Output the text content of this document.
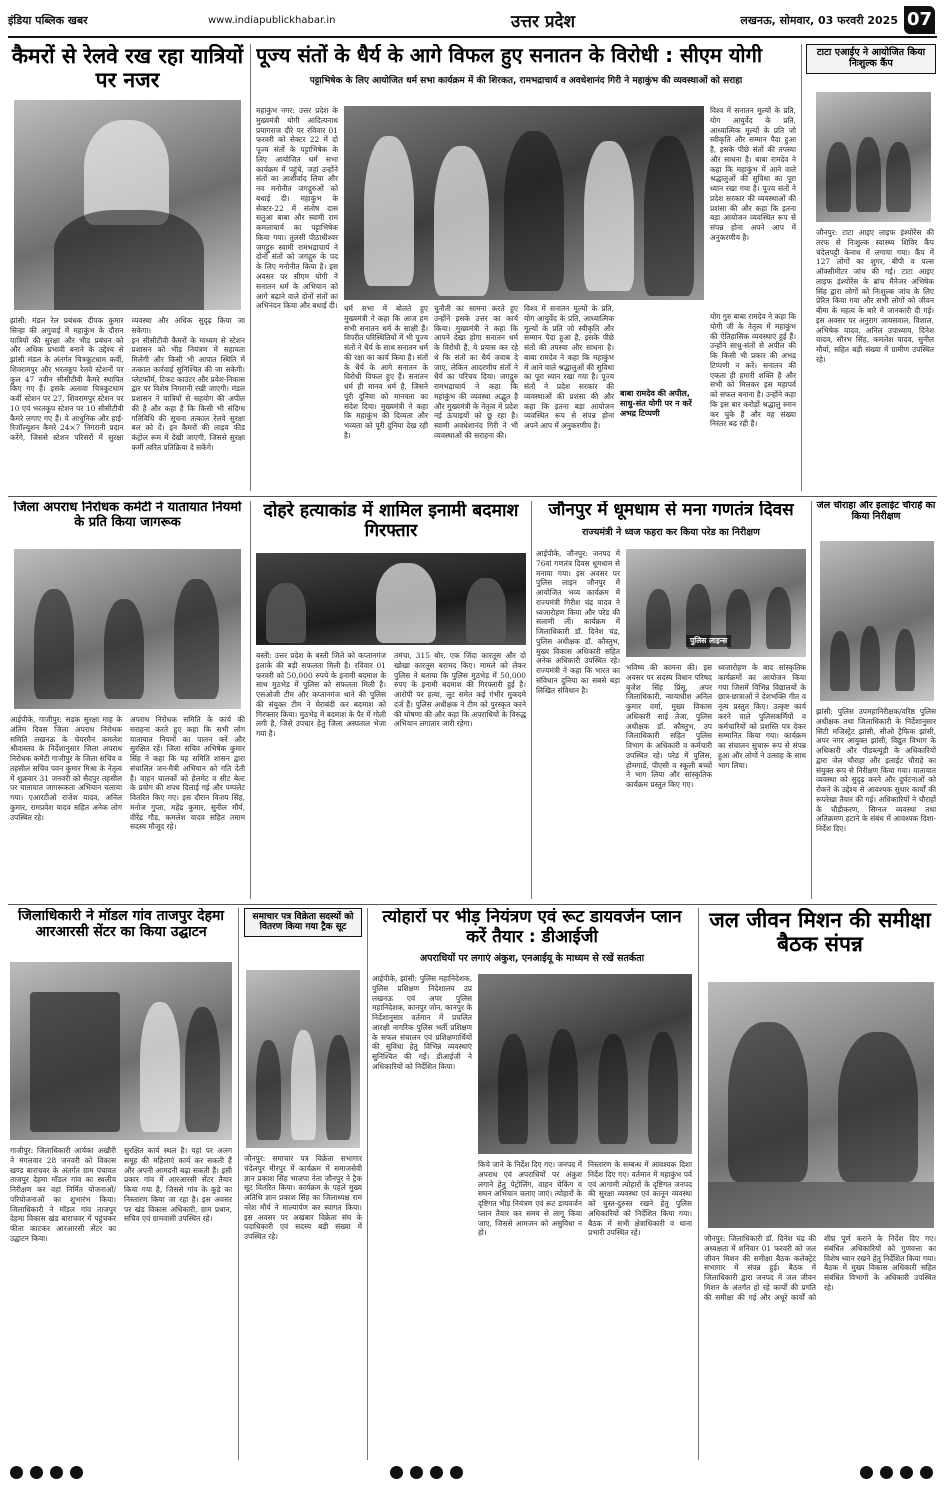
इंडिया पब्लिक खबर	www.indiapublickhabar.in	उत्तर प्रदेश	लखनऊ, सोमवार, 03 फरवरी 2025 07
कैमरों से रेलवे रख रहा यात्रियों पर नजर

झांसी: मंडल रेल प्रबंधक दीपक कुमार सिन्हा की अगुवाई में महाकुंभ के दौरान यात्रियों की सुरक्षा और भीड़ प्रबंधन को और अधिक प्रभावी बनाने के उद्देश्य से झांसी मंडल के अंतर्गत चित्रकूटधाम कर्वी, शिवरामपुर और भरतकूप रेलवे स्टेशनों पर कुल 47 नवीन सीसीटीवी कैमरे स्थापित किए गए हैं। इसके अलावा चित्रकूटधाम कर्वी स्टेशन पर 27, शिवरामपुर स्टेशन पर 10 एवं भरतकूप स्टेशन पर 10 सीसीटीवी कैमरे लगाए गए हैं। ये आधुनिक और हाई-रिजॉल्यूशन कैमरे 24×7 निगरानी प्रदान करेंगे, जिससे स्टेशन परिसरों में सुरक्षा व्यवस्था और अधिक सुदृढ़ किया जा सकेगा।

इन सीसीटीवी कैमरों के माध्यम से स्टेशन प्रशासन को भीड़ नियंत्रण में सहायता मिलेगी और किसी भी आपात स्थिति में तत्काल कार्रवाई सुनिश्चित की जा सकेगी। प्लेटफॉर्म, टिकट काउंटर और प्रवेश-निकास द्वार पर विशेष निगरानी रखी जाएगी। मंडल प्रशासन ने यात्रियों से सहयोग की अपील की है और कहा है कि किसी भी संदिग्ध गतिविधि की सूचना तत्काल रेलवे सुरक्षा बल को दें। इन कैमरों की लाइव फीड कंट्रोल रूम में देखी जाएगी, जिससे सुरक्षा कर्मी त्वरित प्रतिक्रिया दे सकेंगे।

पूज्य संतों के धैर्य के आगे विफल हुए सनातन के विरोधी : सीएम योगी
पट्टाभिषेक के लिए आयोजित धर्म सभा कार्यक्रम में की शिरकत, रामभद्राचार्य व अवधेशानंद गिरी ने महाकुंभ की व्यवस्थाओं को सराहा
महाकुंभ नगर: उत्तर प्रदेश के मुख्यमंत्री योगी आदित्यनाथ प्रयागराज दौरे पर रविवार 01 फरवरी को सेक्टर 22 में दो पूज्य संतों के पट्टाभिषेक के लिए आयोजित धर्म सभा कार्यक्रम में पहुंचे, जहां उन्होंने संतों का आशीर्वाद लिया और नव मनोनीत जगद्गुरुओं को बधाई दी। महाकुंभ के सेक्टर-22 में संतोष दास सतुआ बाबा और स्वामी राम कमलाचार्य का पट्टाभिषेक किया गया। तुलसी पीठाधीश्वर जगद्गुरु स्वामी रामभद्राचार्य ने दोनों संतों को जगद्गुरु के पद के लिए मनोनीत किया है। इस अवसर पर सीएम योगी ने सनातन धर्म के अभियान को आगे बढ़ाने वाले दोनों संतों का अभिनंदन किया और बधाई दी। धर्म सभा में बोलते हुए मुख्यमंत्री ने कहा कि आज हम सभी सनातन धर्म के साक्षी हैं। विपरीत परिस्थितियों में भी पूज्य संतों ने धैर्य के साथ सनातन धर्म की रक्षा का कार्य किया है। संतों के धैर्य के आगे सनातन के विरोधी विफल हुए हैं। सनातन धर्म ही मानव धर्म है, जिसने पूरी दुनिया को मानवता का संदेश दिया। मुख्यमंत्री ने कहा कि महाकुंभ की दिव्यता और भव्यता को पूरी दुनिया देख रही है।
चुनौती का सामना करते हुए उन्होंने इसके उत्तर का कार्य किया। मुख्यमंत्री ने कहा कि आपने देखा होगा सनातन धर्म के विरोधी हैं, ये प्रयास कर रहे थे कि संतों का धैर्य जवाब दे जाए, लेकिन आदरणीय संतों ने धैर्य का परिचय दिया। जगद्गुरु रामभद्राचार्य ने कहा कि महाकुंभ की व्यवस्था अद्भुत है और मुख्यमंत्री के नेतृत्व में प्रदेश नई ऊंचाइयों को छू रहा है। स्वामी अवधेशानंद गिरी ने भी व्यवस्थाओं की सराहना की।
विश्व में सनातन मूल्यों के प्रति, योग आयुर्वेद के प्रति, आध्यात्मिक मूल्यों के प्रति जो स्वीकृति और सम्मान पैदा हुआ है, इसके पीछे संतों की तपस्या और साधना है। बाबा रामदेव ने कहा कि महाकुंभ में आने वाले श्रद्धालुओं की सुविधा का पूरा ध्यान रखा गया है। पूज्य संतों ने प्रदेश सरकार की व्यवस्थाओं की प्रशंसा की और कहा कि इतना बड़ा आयोजन व्यवस्थित रूप से संपन्न होना अपने आप में अनुकरणीय है।
विश्व में सनातन मूल्यों के प्रति, योग आयुर्वेद के प्रति, आध्यात्मिक मूल्यों के प्रति जो स्वीकृति और सम्मान पैदा हुआ है, इसके पीछे संतों की तपस्या और साधना है। बाबा रामदेव ने कहा कि महाकुंभ में आने वाले श्रद्धालुओं की सुविधा का पूरा ध्यान रखा गया है। पूज्य संतों ने प्रदेश सरकार की व्यवस्थाओं की प्रशंसा की और कहा कि इतना बड़ा आयोजन व्यवस्थित रूप से संपन्न होना अपने आप में अनुकरणीय है।
बाबा रामदेव की अपील, साधु-संत योगी पर न करें अभद्र टिप्पणी
योग गुरु बाबा रामदेव ने कहा कि योगी जी के नेतृत्व में महाकुंभ की ऐतिहासिक व्यवस्थाएं हुई हैं। उन्होंने साधु-संतों से अपील की कि किसी भी प्रकार की अभद्र टिप्पणी न करें। सनातन की एकता ही हमारी शक्ति है और सभी को मिलकर इस महापर्व को सफल बनाना है। उन्होंने कहा कि इस बार करोड़ों श्रद्धालु स्नान कर चुके हैं और यह संख्या निरंतर बढ़ रही है।
टाटा एआईए ने आयोजित किया निःशुल्क कैंप
जौनपुर: टाटा आइए लाइफ इंश्योरेंस की तरफ से निःशुल्क स्वास्थ्य शिविर कैंप चंदेलपट्टी केनाथ में लगाया गया। कैंप में 127 लोगों का शुगर, बीपी व पल्स ऑक्सीमीटर जांच की गई। टाटा आइए लाइफ इंश्योरेंस के ब्रांच मैनेजर अभिषेक सिंह द्वारा लोगों को निःशुल्क जांच के लिए प्रेरित किया गया और सभी लोगों को जीवन बीमा के महत्व के बारे में जानकारी दी गई। इस अवसर पर अनुराग जायसवाल, विशाल, अभिषेक यादव, अनिल उपाध्याय, दिनेश यादव, सौरभ सिंह, कमलेश यादव, सुनील मौर्या, सहित बड़ी संख्या में ग्रामीण उपस्थित रहे।
जिला अपराध निरोधक कमेटी ने यातायात नियमों के प्रति किया जागरूक
आईपीके, गाजीपुर: सड़क सुरक्षा माह के अंतिम दिवस जिला अपराध निरोधक समिति लखनऊ के चेयरमैन कमलेश श्रीवास्तव के निर्देशानुसार जिला अपराध निरोधक कमेटी गाजीपुर के जिला सचिव व तहसील सचिव पवन कुमार मिश्रा के नेतृत्व में शुक्रवार 31 जनवरी को सैदपुर तहसील पर यातायात जागरूकता अभियान चलाया गया। एआरटीओ राजेश यादव, अनिल कुमार, रामप्रवेश यादव सहित अनेक लोग उपस्थित रहे।
अपराध निरोधक समिति के कार्य की सराहना करते हुए कहा कि सभी लोग यातायात नियमों का पालन करें और सुरक्षित रहें। जिला सचिव अभिषेक कुमार सिंह ने कहा कि यह समिति शासन द्वारा संचालित जन-मैत्री अभियान को गति देती है। वाहन चालकों को हेलमेट व सीट बेल्ट के प्रयोग की शपथ दिलाई गई और पम्पलेट वितरित किए गए। इस दौरान विजय सिंह, मनोज गुप्ता, महेंद्र कुमार, सुनील मौर्य, वीरेंद्र गौड़, कमलेश यादव सहित तमाम सदस्य मौजूद रहे।
दोहरे हत्याकांड में शामिल इनामी बदमाश गिरफ्तार
बस्ती: उत्तर प्रदेश के बस्ती जिले को कप्तानगंज इलाके की बड़ी सफलता मिली है। रविवार 01 फरवरी को 50,000 रुपये के इनामी बदमाश के साथ मुठभेड़ में पुलिस को सफलता मिली है। एसओजी टीम और कप्तानगंज थाने की पुलिस की संयुक्त टीम ने घेराबंदी कर बदमाश को गिरफ्तार किया। मुठभेड़ में बदमाश के पैर में गोली लगी है, जिसे उपचार हेतु जिला अस्पताल भेजा गया है।
तमंचा, 315 बोर, एक जिंदा कारतूस और दो खोखा कारतूस बरामद किए। मामले को लेकर पुलिस ने बताया कि पुलिस मुठभेड़ में 50,000 रुपए के इनामी बदमाश की गिरफ्तारी हुई है। आरोपी पर हत्या, लूट समेत कई गंभीर मुकदमे दर्ज हैं। पुलिस अधीक्षक ने टीम को पुरस्कृत करने की घोषणा की और कहा कि अपराधियों के विरुद्ध अभियान लगातार जारी रहेगा।
जौनपुर में धूमधाम से मना गणतंत्र दिवस
राज्यमंत्री ने ध्वज फहरा कर किया परेड का निरीक्षण
आईपीके, जौनपुर: जनपद में 76वां गणतंत्र दिवस धूमधाम से मनाया गया। इस अवसर पर पुलिस लाइन जौनपुर में आयोजित भव्य कार्यक्रम में राज्यमंत्री गिरीश चंद्र यादव ने ध्वजारोहण किया और परेड की सलामी ली। कार्यक्रम में जिलाधिकारी डॉ. दिनेश चंद्र, पुलिस अधीक्षक डॉ. कौस्तुभ, मुख्य विकास अधिकारी सहित अनेक अधिकारी उपस्थित रहे। राज्यमंत्री ने कहा कि भारत का संविधान दुनिया का सबसे बड़ा लिखित संविधान है।
पुलिस लाइन्स
भविष्य की कामना की। इस अवसर पर सदस्य विधान परिषद बृजेश सिंह प्रिंसू, अपर जिलाधिकारी, न्यायाधीश अनिल कुमार वर्मा, मुख्य विकास अधिकारी साई तेजा, पुलिस अधीक्षक डॉ. कौस्तुभ, उप जिलाधिकारी सहित पुलिस विभाग के अधिकारी व कर्मचारी उपस्थित रहे। परेड में पुलिस, होमगार्ड, पीएसी व स्कूली बच्चों ने भाग लिया और सांस्कृतिक कार्यक्रम प्रस्तुत किए गए।
ध्वजारोहण के बाद सांस्कृतिक कार्यक्रमों का आयोजन किया गया जिसमें विभिन्न विद्यालयों के छात्र-छात्राओं ने देशभक्ति गीत व नृत्य प्रस्तुत किए। उत्कृष्ट कार्य करने वाले पुलिसकर्मियों व कर्मचारियों को प्रशस्ति पत्र देकर सम्मानित किया गया। कार्यक्रम का संचालन सुचारू रूप से संपन्न हुआ और लोगों ने उत्साह के साथ भाग लिया।
जेल चौराहा और इलाईट चौराहे का किया निरीक्षण
झांसी: पुलिस उपमहानिरीक्षक/वरिष्ठ पुलिस अधीक्षक तथा जिलाधिकारी के निर्देशानुसार सिटी मजिस्ट्रेट झांसी, सीओ ट्रैफिक झांसी, अपर नगर आयुक्त झांसी, विद्युत विभाग के अधिकारी और पीडब्ल्यूडी के अधिकारियों द्वारा जेल चौराहा और इलाईट चौराहे का संयुक्त रूप से निरीक्षण किया गया। यातायात व्यवस्था को सुदृढ़ करने और दुर्घटनाओं को रोकने के उद्देश्य से आवश्यक सुधार कार्यों की रूपरेखा तैयार की गई। अधिकारियों ने चौराहों के चौड़ीकरण, सिग्नल व्यवस्था तथा अतिक्रमण हटाने के संबंध में आवश्यक दिशा-निर्देश दिए।
जिलाधिकारी ने मॉडल गांव ताजपुर देहमा आरआरसी सेंटर का किया उद्घाटन
गाजीपुर: जिलाधिकारी आर्यका अखौरी ने मंगलवार 28 जनवरी को विकास खण्ड बाराचवर के अंतर्गत ग्राम पंचायत ताजपुर देहमा मॉडल गांव का स्थलीय निरीक्षण कर वहां निर्मित योजनाओं/परियोजनाओं का शुभारंभ किया। जिलाधिकारी ने मॉडल गांव ताजपुर देहमा विकास खंड बाराचवर में पहुंचकर फीता काटकर आरआरसी सेंटर का उद्घाटन किया।
सुरक्षित कार्य स्थल है। यहां पर अलग समूह की महिलाएं कार्य कर सकती हैं और अपनी आमदनी बढ़ा सकती हैं। इसी प्रकार गांव में आरआरसी सेंटर तैयार किया गया है, जिससे गांव के कूड़े का निस्तारण किया जा रहा है। इस अवसर पर खंड विकास अधिकारी, ग्राम प्रधान, सचिव एवं ग्रामवासी उपस्थित रहे।
समाचार पत्र विक्रेता सदस्यों को वितरण किया गया ट्रैक सूट
जौनपुर: समाचार पत्र विक्रेता सभागार चंदेलपुर मीरपुर में कार्यक्रम में समाजसेवी ज्ञान प्रकाश सिंह भाजपा नेता जौनपुर ने ट्रैक सूट वितरित किया। कार्यक्रम के पहले मुख्य अतिथि ज्ञान प्रकाश सिंह का जिलाध्यक्ष राम नरेश मौर्य ने माल्यार्पण कर स्वागत किया। इस अवसर पर अखबार विक्रेता संघ के पदाधिकारी एवं सदस्य बड़ी संख्या में उपस्थित रहे।
त्योहारों पर भीड़ नियंत्रण एवं रूट डायवर्जन प्लान करें तैयार : डीआईजी
अपराधियों पर लगाएं अंकुश, एनआईयू के माध्यम से रखें सतर्कता
आईपीके, झांसी: पुलिस महानिदेशक, पुलिस प्रशिक्षण निदेशालय उप्र लखनऊ एवं अपर पुलिस महानिदेशक, कानपुर जोन, कानपुर के निर्देशानुसार वर्तमान में प्रचलित आरक्षी नागरिक पुलिस भर्ती प्रशिक्षण के सफल संचालन एवं प्रशिक्षणार्थियों की सुविधा हेतु विभिन्न व्यवस्थाएं सुनिश्चित की गईं। डीआईजी ने अधिकारियों को निर्देशित किया।
किये जाने के निर्देश दिए गए। जनपद में अपराध एवं अपराधियों पर अंकुश लगाने हेतु पेट्रोलिंग, वाहन चेकिंग व सघन अभियान चलाए जाएं। त्योहारों के दृष्टिगत भीड़ नियंत्रण एवं रूट डायवर्जन प्लान तैयार कर समय से लागू किया जाए, जिससे आमजन को असुविधा न हो।
निस्तारण के सम्बन्ध में आवश्यक दिशा निर्देश दिए गए। वर्तमान में महाकुंभ पर्व एवं आगामी त्योहारों के दृष्टिगत जनपद की सुरक्षा व्यवस्था एवं कानून व्यवस्था को चुस्त-दुरुस्त रखने हेतु पुलिस अधिकारियों को निर्देशित किया गया। बैठक में सभी क्षेत्राधिकारी व थाना प्रभारी उपस्थित रहे।
जल जीवन मिशन की समीक्षा बैठक संपन्न
जौनपुर: जिलाधिकारी डॉ. दिनेश चंद्र की अध्यक्षता में शनिवार 01 फरवरी को जल जीवन मिशन की समीक्षा बैठक कलेक्ट्रेट सभागार में संपन्न हुई। बैठक में जिलाधिकारी द्वारा जनपद में जल जीवन मिशन के अंतर्गत हो रहे कार्यों की प्रगति की समीक्षा की गई और अधूरे कार्यों को शीघ्र पूर्ण कराने के निर्देश दिए गए। संबंधित अधिकारियों को गुणवत्ता का विशेष ध्यान रखने हेतु निर्देशित किया गया। बैठक में मुख्य विकास अधिकारी सहित संबंधित विभागों के अधिकारी उपस्थित रहे।
